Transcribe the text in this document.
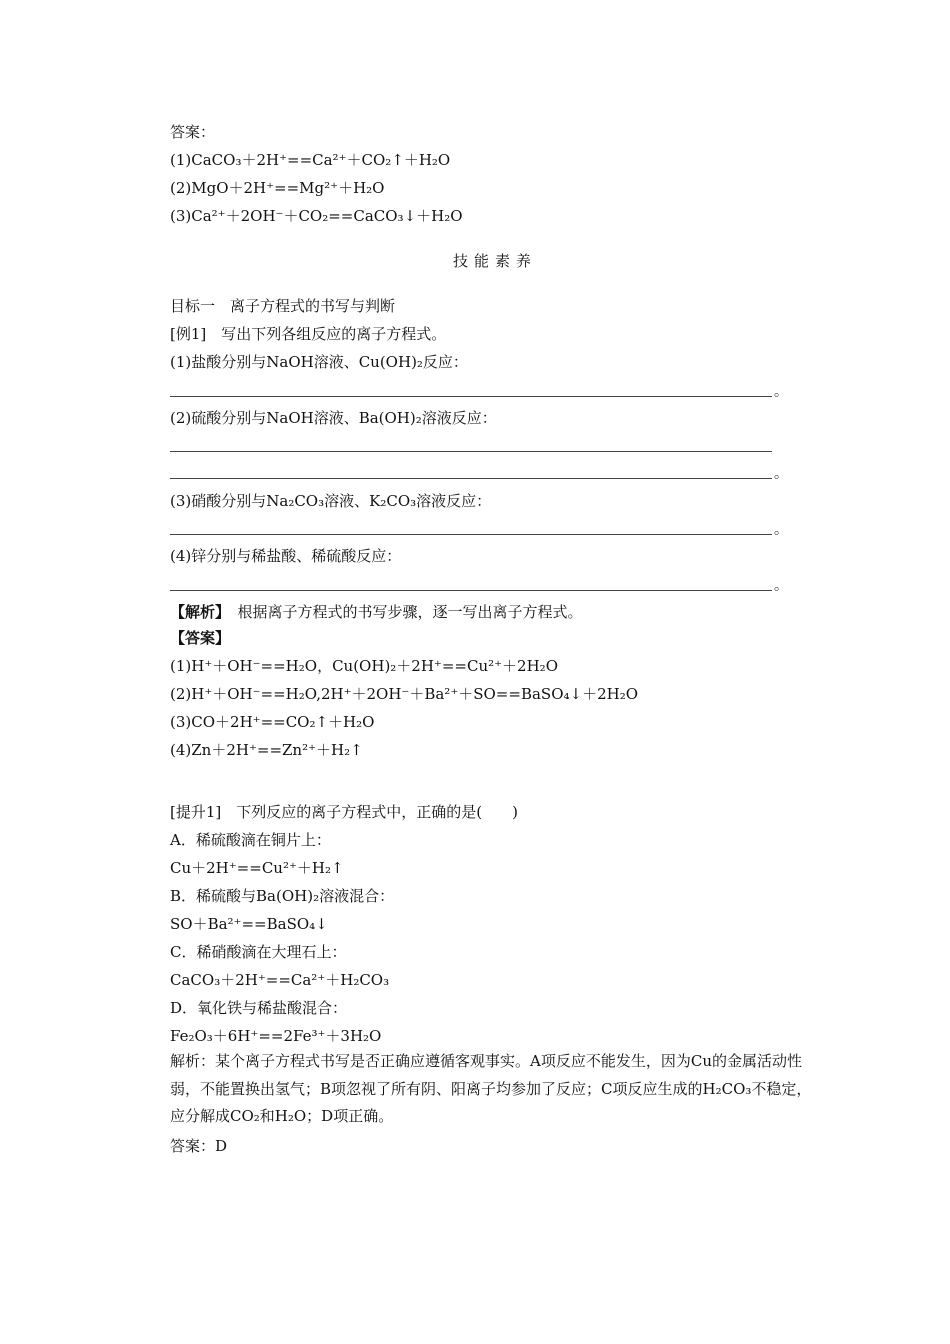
答案：
(1)CaCO₃＋2H⁺==Ca²⁺＋CO₂↑＋H₂O
(2)MgO＋2H⁺==Mg²⁺＋H₂O
(3)Ca²⁺＋2OH⁻＋CO₂==CaCO₃↓＋H₂O
技能素养
目标一　离子方程式的书写与判断
[例1]　写出下列各组反应的离子方程式。
(1)盐酸分别与NaOH溶液、Cu(OH)₂反应：
。
(2)硫酸分别与NaOH溶液、Ba(OH)₂溶液反应：
。
(3)硝酸分别与Na₂CO₃溶液、K₂CO₃溶液反应：
。
(4)锌分别与稀盐酸、稀硫酸反应：
。
【解析】　根据离子方程式的书写步骤，逐一写出离子方程式。
【答案】
(1)H⁺＋OH⁻==H₂O，Cu(OH)₂＋2H⁺==Cu²⁺＋2H₂O
(2)H⁺＋OH⁻==H₂O,2H⁺＋2OH⁻＋Ba²⁺＋SO==BaSO₄↓＋2H₂O
(3)CO＋2H⁺==CO₂↑＋H₂O
(4)Zn＋2H⁺==Zn²⁺＋H₂↑
[提升1]　下列反应的离子方程式中，正确的是(　　)
A．稀硫酸滴在铜片上：
Cu＋2H⁺==Cu²⁺＋H₂↑
B．稀硫酸与Ba(OH)₂溶液混合：
SO＋Ba²⁺==BaSO₄↓
C．稀硝酸滴在大理石上：
CaCO₃＋2H⁺==Ca²⁺＋H₂CO₃
D．氧化铁与稀盐酸混合：
Fe₂O₃＋6H⁺==2Fe³⁺＋3H₂O
解析：某个离子方程式书写是否正确应遵循客观事实。A项反应不能发生，因为Cu的金属活动性弱，不能置换出氢气；B项忽视了所有阴、阳离子均参加了反应；C项反应生成的H₂CO₃不稳定，应分解成CO₂和H₂O；D项正确。
答案：D
